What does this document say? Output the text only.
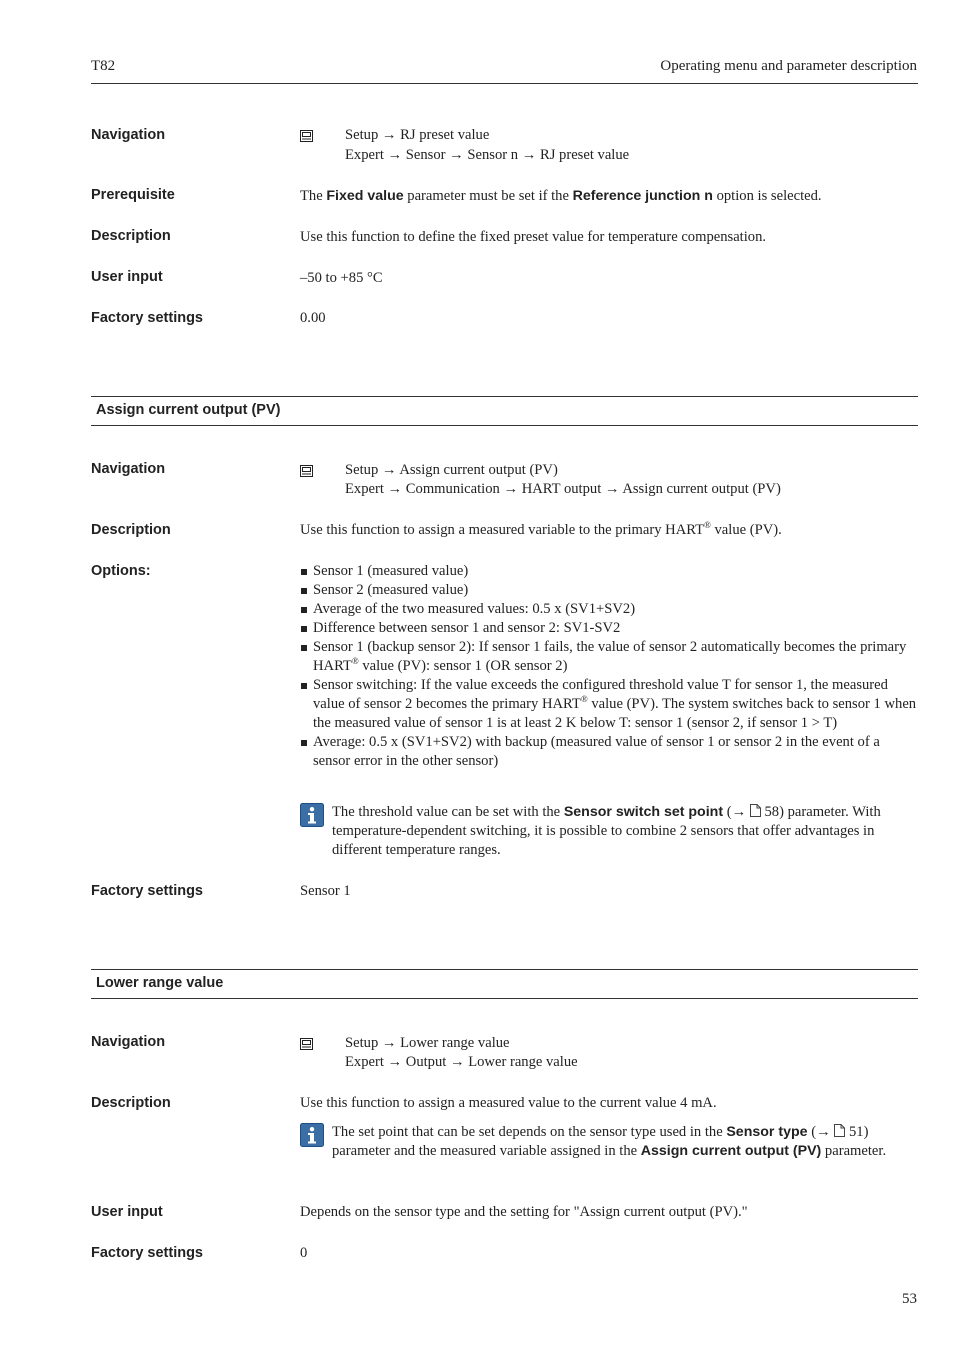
T82	Operating menu and parameter description
Navigation	Setup → RJ preset value
Expert → Sensor → Sensor n → RJ preset value
Prerequisite	The Fixed value parameter must be set if the Reference junction n option is selected.
Description	Use this function to define the fixed preset value for temperature compensation.
User input	–50 to +85 °C
Factory settings	0.00
Assign current output (PV)
Navigation	Setup → Assign current output (PV)
Expert → Communication → HART output → Assign current output (PV)
Description	Use this function to assign a measured variable to the primary HART® value (PV).
Options:	Sensor 1 (measured value)
Sensor 2 (measured value)
Average of the two measured values: 0.5 x (SV1+SV2)
Difference between sensor 1 and sensor 2: SV1-SV2
Sensor 1 (backup sensor 2): If sensor 1 fails, the value of sensor 2 automatically becomes the primary HART® value (PV): sensor 1 (OR sensor 2)
Sensor switching: If the value exceeds the configured threshold value T for sensor 1, the measured value of sensor 2 becomes the primary HART® value (PV). The system switches back to sensor 1 when the measured value of sensor 1 is at least 2 K below T: sensor 1 (sensor 2, if sensor 1 > T)
Average: 0.5 x (SV1+SV2) with backup (measured value of sensor 1 or sensor 2 in the event of a sensor error in the other sensor)
The threshold value can be set with the Sensor switch set point (→  58) parameter. With temperature-dependent switching, it is possible to combine 2 sensors that offer advantages in different temperature ranges.
Factory settings	Sensor 1
Lower range value
Navigation	Setup → Lower range value
Expert → Output → Lower range value
Description	Use this function to assign a measured value to the current value 4 mA.
The set point that can be set depends on the sensor type used in the Sensor type (→  51) parameter and the measured variable assigned in the Assign current output (PV) parameter.
User input	Depends on the sensor type and the setting for "Assign current output (PV)."
Factory settings	0
53
